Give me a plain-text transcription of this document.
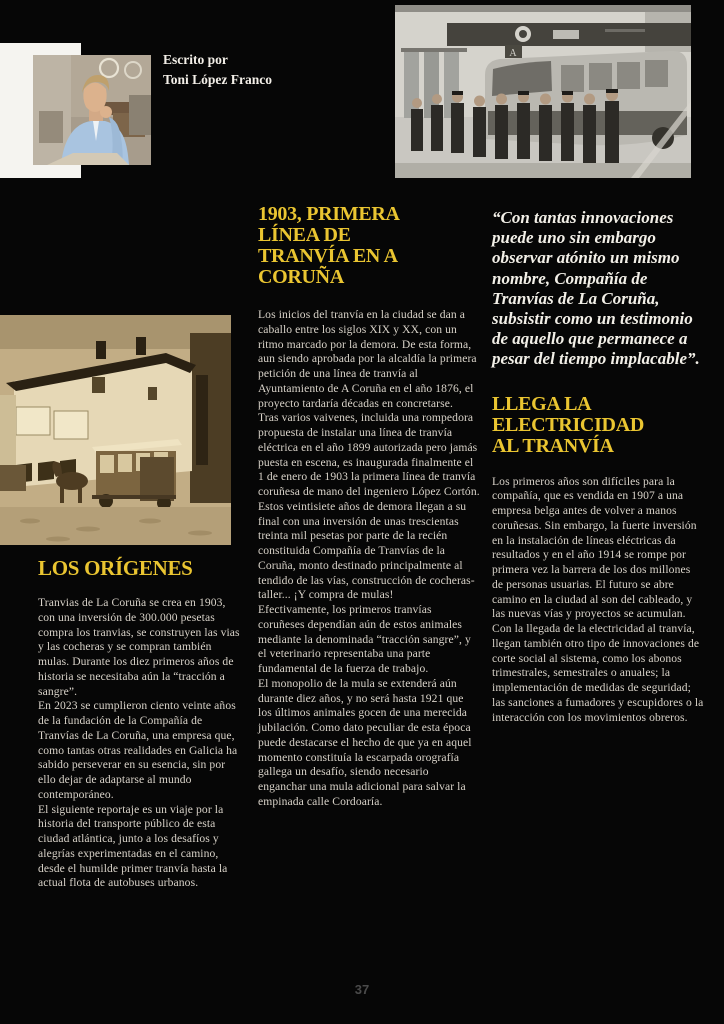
Escrito por
Toni López Franco
A
LOS ORÍGENES

Tranvias de La Coruña se crea en 1903, con una inversión de 300.000 pesetas compra los tranvias, se construyen las vias y las cocheras y se compran también mulas. Durante los diez primeros años de historia se necesitaba aún la “tracción a sangre”.

En 2023 se cumplieron ciento veinte años de la fundación de la Compañía de Tranvías de La Coruña, una empresa que, como tantas otras realidades en Galicia ha sabido perseverar en su esencia, sin por ello dejar de adaptarse al mundo contemporáneo.

El siguiente reportaje es un viaje por la historia del transporte público de esta ciudad atlántica, junto a los desafíos y alegrías experimentadas en el camino, desde el humilde primer tranvía hasta la actual flota de autobuses urbanos.

1903, PRIMERA LÍNEA DE TRANVÍA EN A CORUÑA

Los inicios del tranvía en la ciudad se dan a caballo entre los siglos XIX y XX, con un ritmo marcado por la demora. De esta forma, aun siendo aprobada por la alcaldía la primera petición de una línea de tranvía al Ayuntamiento de A Coruña en el año 1876, el proyecto tardaría décadas en concretarse.

Tras varios vaivenes, incluida una rompedora propuesta de instalar una línea de tranvía eléctrica en el año 1899 autorizada pero jamás puesta en escena, es inaugurada finalmente el 1 de enero de 1903 la primera línea de tranvía coruñesa de mano del ingeniero López Cortón.

Estos veintisiete años de demora llegan a su final con una inversión de unas trescientas treinta mil pesetas por parte de la recién constituida Compañía de Tranvías de la Coruña, monto destinado principalmente al tendido de las vías, construcción de cocheras-taller... ¡Y compra de mulas!

Efectivamente, los primeros tranvías coruñeses dependían aún de estos animales mediante la denominada “tracción sangre”, y el veterinario representaba una parte fundamental de la fuerza de trabajo.

El monopolio de la mula se extenderá aún durante diez años, y no será hasta 1921 que los últimos animales gocen de una merecida jubilación. Como dato peculiar de esta época puede destacarse el hecho de que ya en aquel momento constituía la escarpada orografía gallega un desafío, siendo necesario enganchar una mula adicional para salvar la empinada calle Cordoaría.

“Con tantas innovaciones puede uno sin embargo observar atónito un mismo nombre, Compañía de Tranvías de La Coruña, subsistir como un testimonio de aquello que permanece a pesar del tiempo implacable”.

LLEGA LA ELECTRICIDAD AL TRANVÍA

Los primeros años son difíciles para la compañía, que es vendida en 1907 a una empresa belga antes de volver a manos coruñesas. Sin embargo, la fuerte inversión en la instalación de líneas eléctricas da resultados y en el año 1914 se rompe por primera vez la barrera de los dos millones de personas usuarias. El futuro se abre camino en la ciudad al son del cableado, y las nuevas vías y proyectos se acumulan.

Con la llegada de la electricidad al tranvía, llegan también otro tipo de innovaciones de corte social al sistema, como los abonos trimestrales, semestrales o anuales; la implementación de medidas de seguridad; las sanciones a fumadores y escupidores o la interacción con los movimientos obreros.

37
